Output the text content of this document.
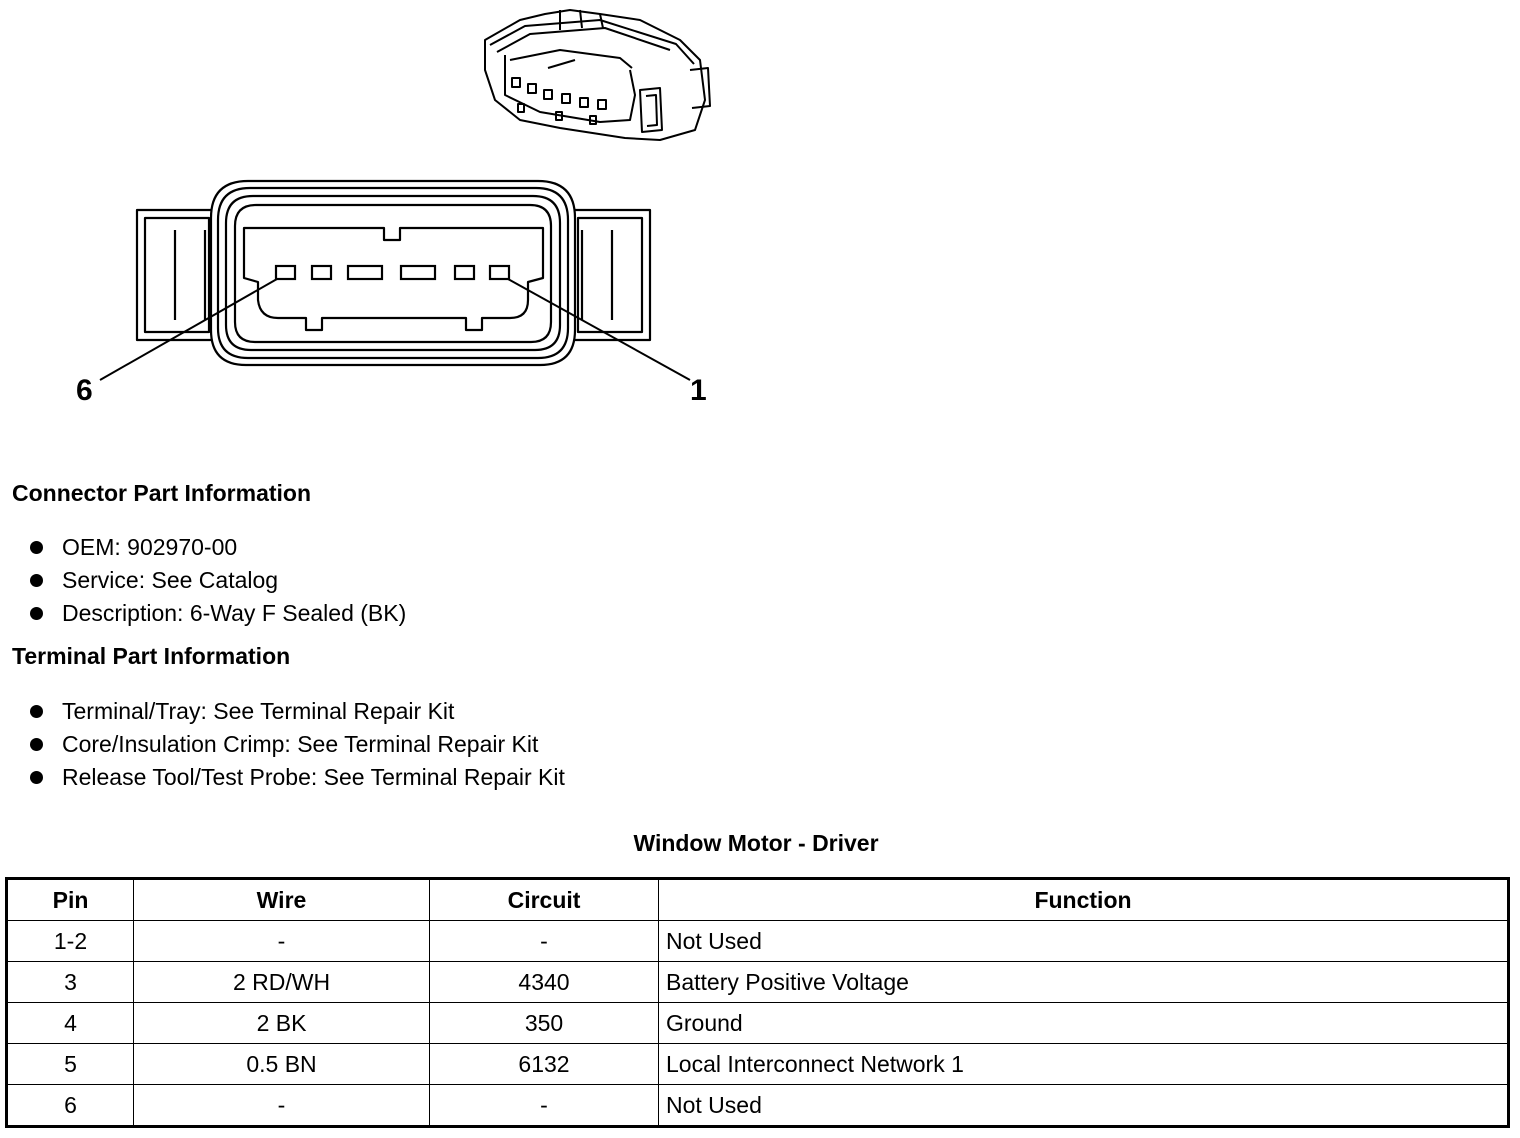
6	1
Connector Part Information
OEM: 902970-00
Service: See Catalog
Description: 6-Way F Sealed (BK)
Terminal Part Information
Terminal/Tray: See Terminal Repair Kit
Core/Insulation Crimp: See Terminal Repair Kit
Release Tool/Test Probe: See Terminal Repair Kit
Window Motor - Driver
Pin	Wire	Circuit	Function
1-2	-	-	Not Used
3	2 RD/WH	4340	Battery Positive Voltage
4	2 BK	350	Ground
5	0.5 BN	6132	Local Interconnect Network 1
6	-	-	Not Used
